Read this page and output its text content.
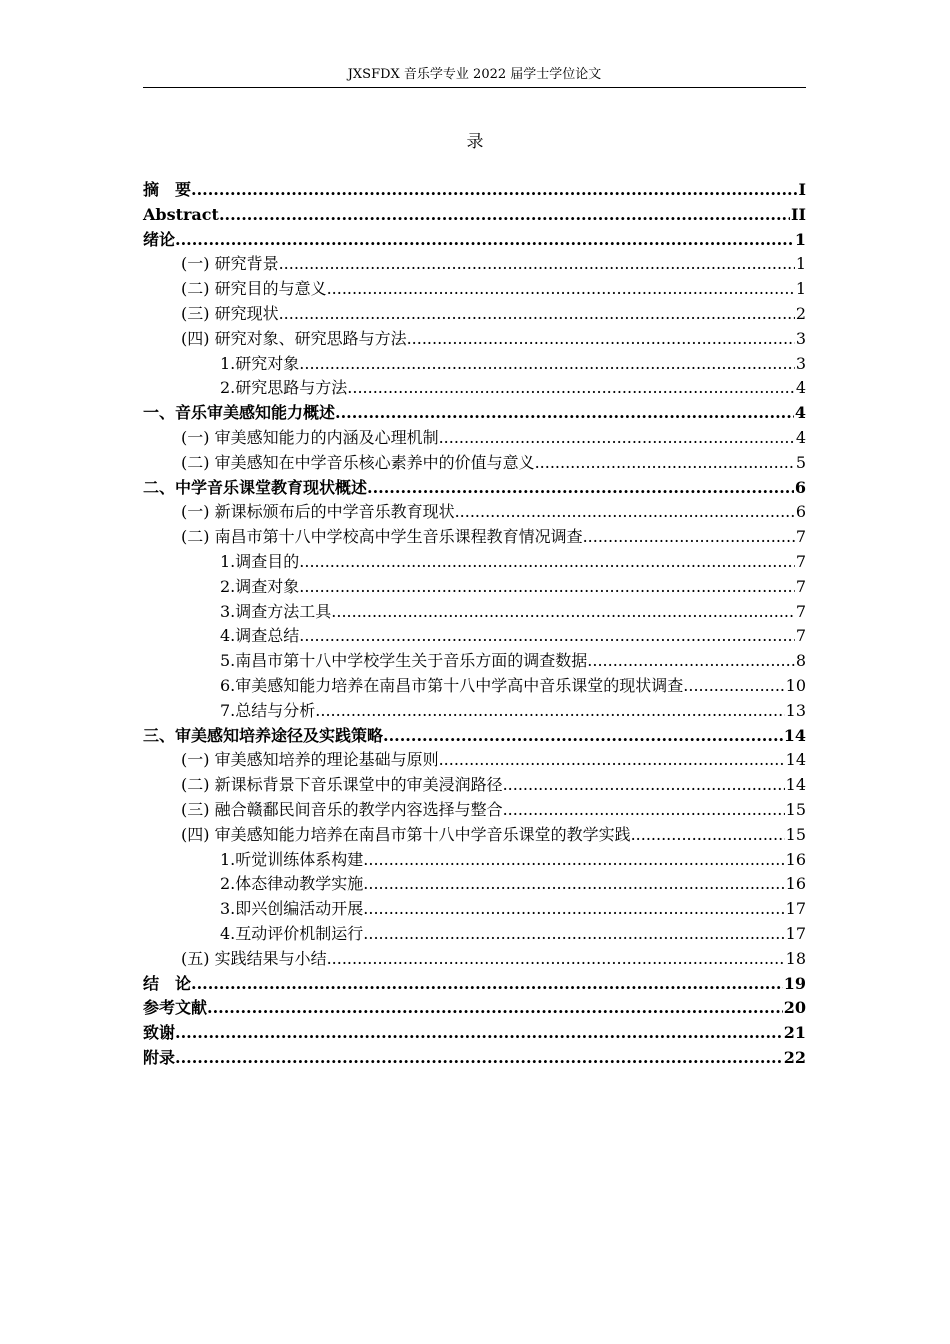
JXSFDX 音乐学专业 2022 届学士学位论文
录
摘　要 .....	I
Abstract .....	II
绪论 .....	1
(一) 研究背景 .....	1
(二) 研究目的与意义 .....	1
(三) 研究现状 .....	2
(四) 研究对象、研究思路与方法 .....	3
1.研究对象 .....	3
2.研究思路与方法 .....	4
一、音乐审美感知能力概述 .....	4
(一) 审美感知能力的内涵及心理机制 .....	4
(二) 审美感知在中学音乐核心素养中的价值与意义 .....	5
二、中学音乐课堂教育现状概述 .....	6
(一) 新课标颁布后的中学音乐教育现状 .....	6
(二) 南昌市第十八中学校高中学生音乐课程教育情况调查 .....	7
1.调查目的 .....	7
2.调查对象 .....	7
3.调查方法工具 .....	7
4.调查总结 .....	7
5.南昌市第十八中学校学生关于音乐方面的调查数据 .....	8
6.审美感知能力培养在南昌市第十八中学高中音乐课堂的现状调查 .....	10
7.总结与分析 .....	13
三、审美感知培养途径及实践策略 .....	14
(一) 审美感知培养的理论基础与原则 .....	14
(二) 新课标背景下音乐课堂中的审美浸润路径 .....	14
(三) 融合赣鄱民间音乐的教学内容选择与整合 .....	15
(四) 审美感知能力培养在南昌市第十八中学音乐课堂的教学实践 .....	15
1.听觉训练体系构建 .....	16
2.体态律动教学实施 .....	16
3.即兴创编活动开展 .....	17
4.互动评价机制运行 .....	17
(五) 实践结果与小结 .....	18
结　论 .....	19
参考文献 .....	20
致谢 .....	21
附录 .....	22
